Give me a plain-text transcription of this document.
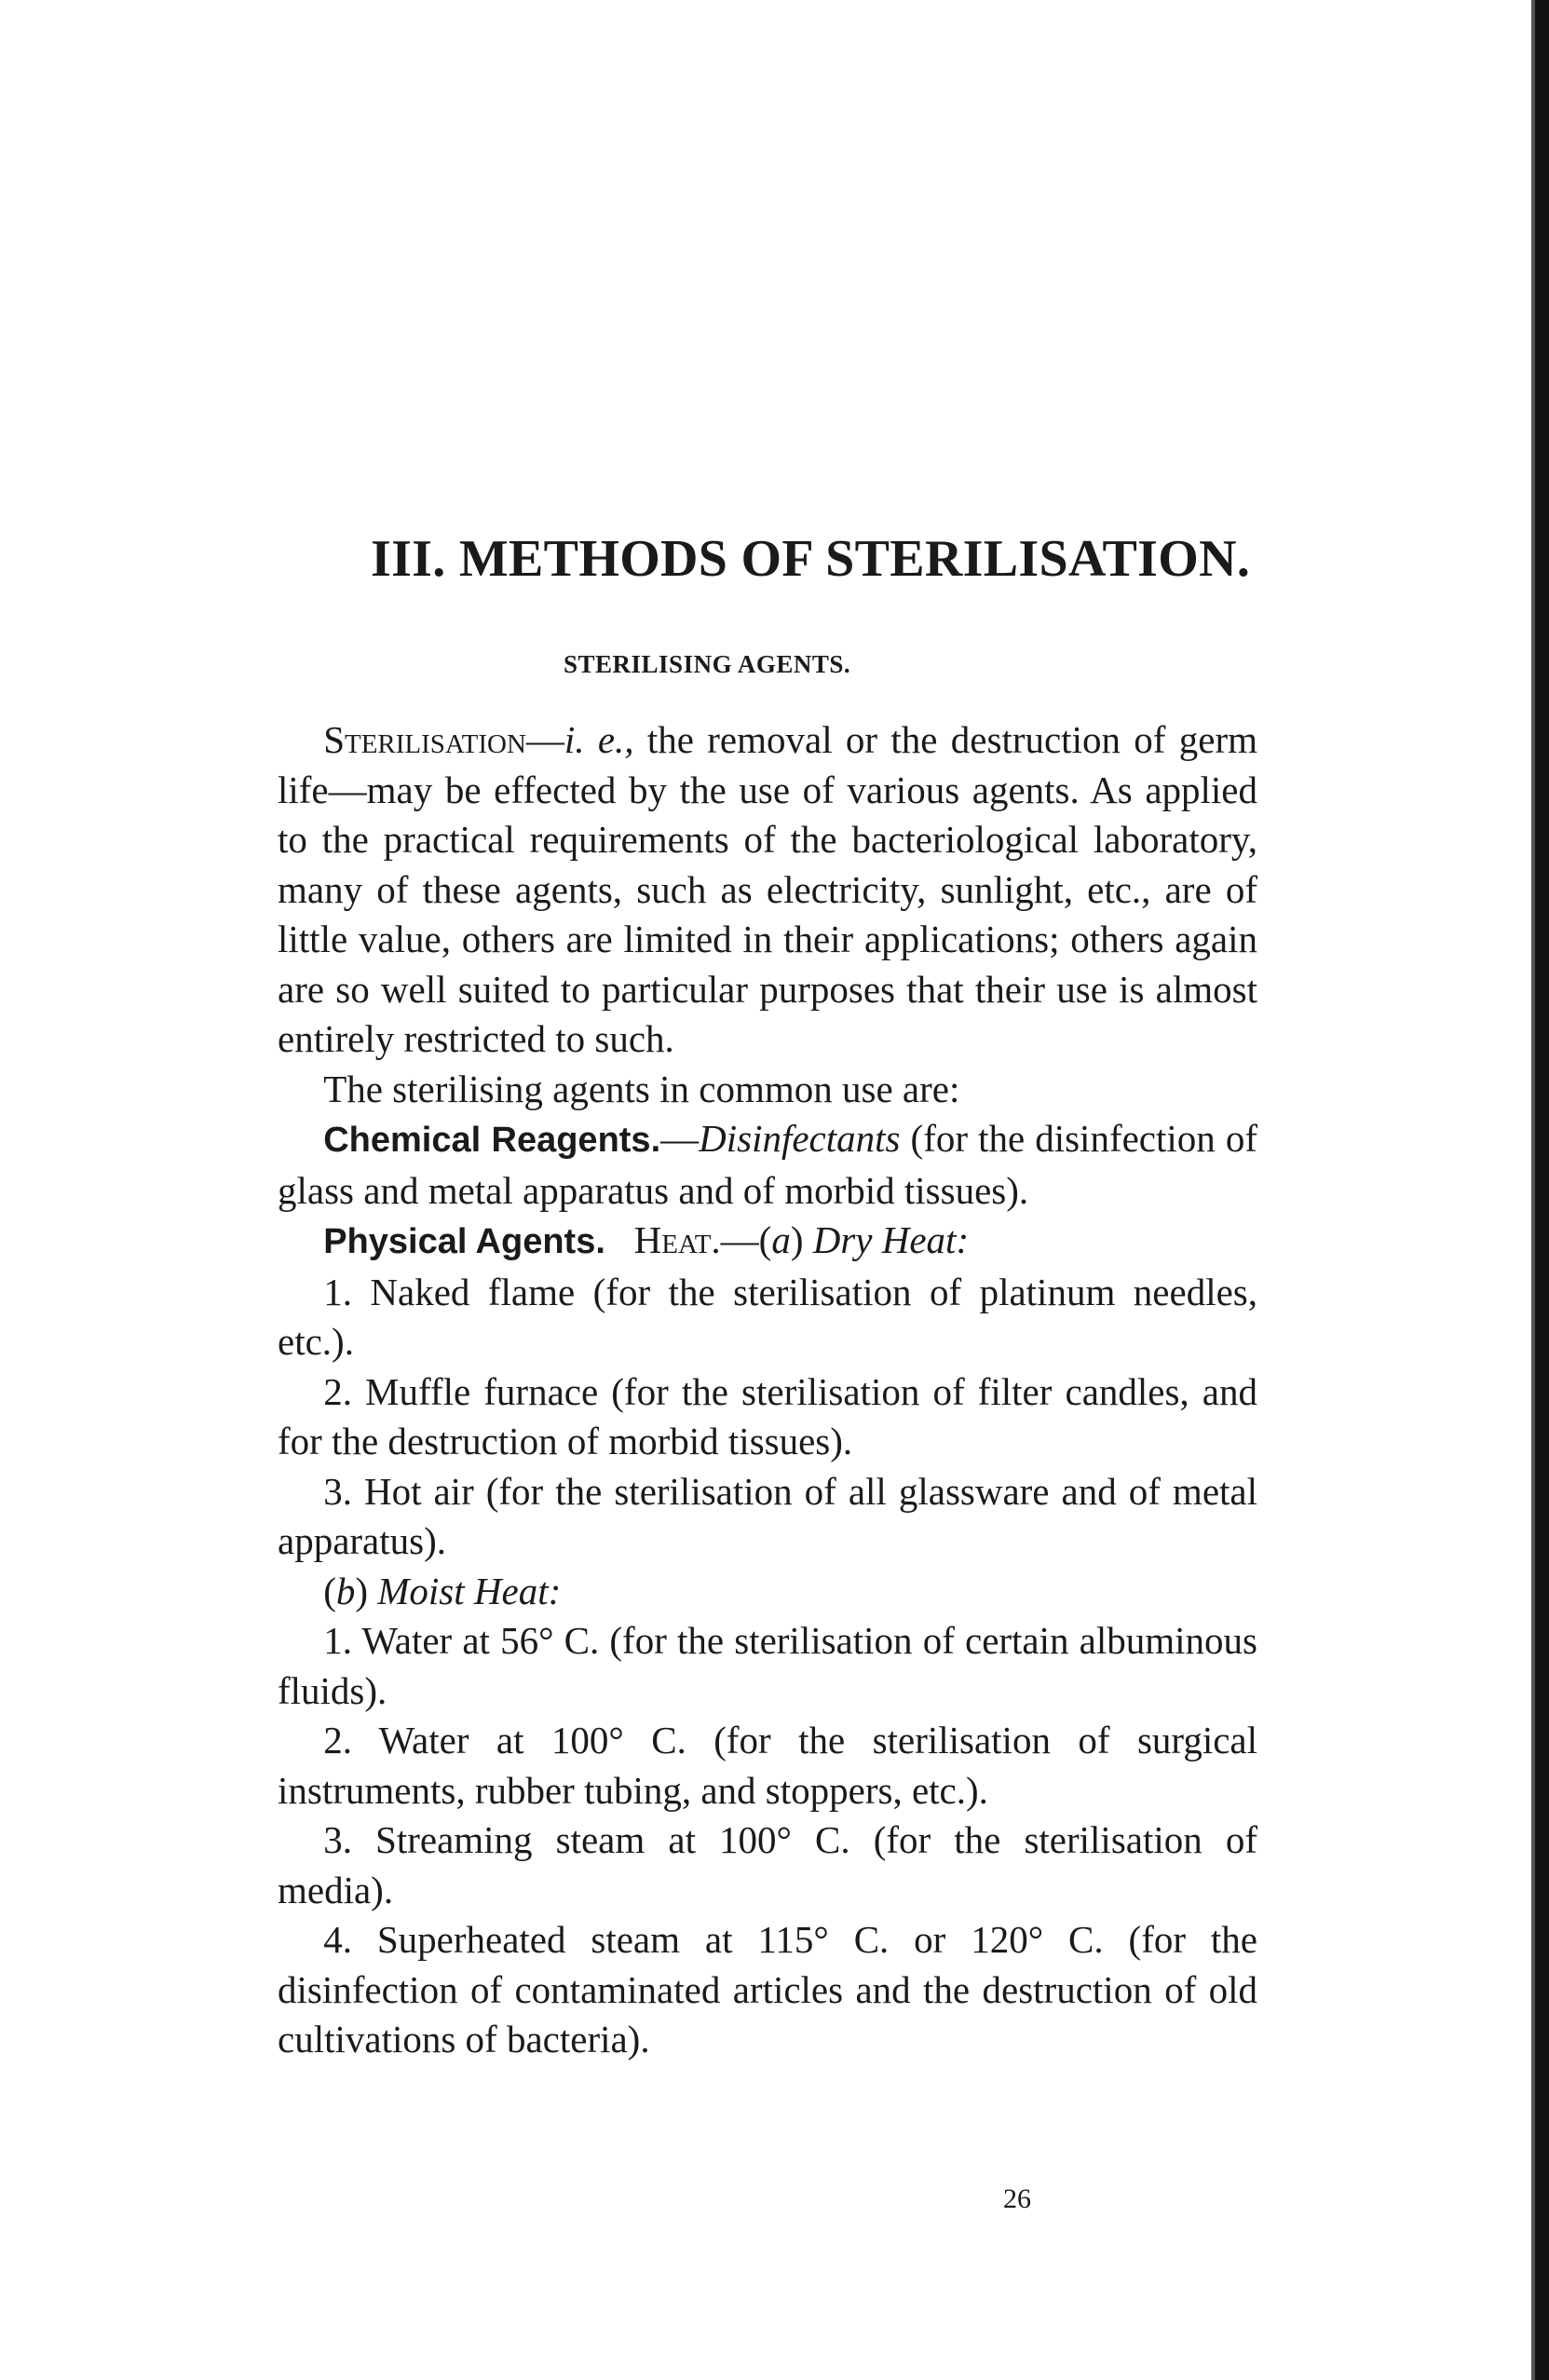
III. METHODS OF STERILISATION.
STERILISING AGENTS.

Sterilisation—i. e., the removal or the destruction of germ life—may be effected by the use of various agents. As applied to the practical requirements of the bacteriological laboratory, many of these agents, such as electricity, sunlight, etc., are of little value, others are limited in their applications; others again are so well suited to particular purposes that their use is almost entirely restricted to such.

The sterilising agents in common use are:

Chemical Reagents.—Disinfectants (for the disinfection of glass and metal apparatus and of morbid tissues).

Physical Agents. Heat.—(a) Dry Heat:

1. Naked flame (for the sterilisation of platinum needles, etc.).

2. Muffle furnace (for the sterilisation of filter candles, and for the destruction of morbid tissues).

3. Hot air (for the sterilisation of all glassware and of metal apparatus).

(b) Moist Heat:

1. Water at 56° C. (for the sterilisation of certain albuminous fluids).

2. Water at 100° C. (for the sterilisation of surgical instruments, rubber tubing, and stoppers, etc.).

3. Streaming steam at 100° C. (for the sterilisation of media).

4. Superheated steam at 115° C. or 120° C. (for the disinfection of contaminated articles and the destruction of old cultivations of bacteria).

26
